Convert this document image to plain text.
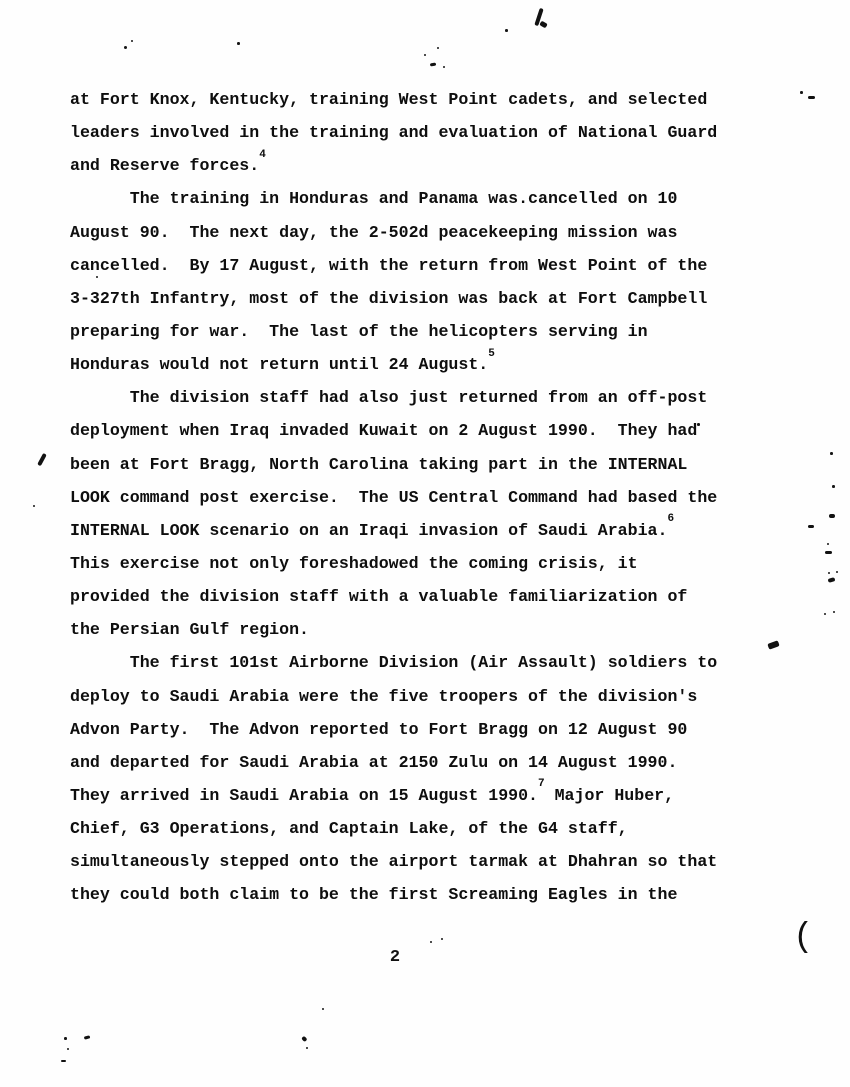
at Fort Knox, Kentucky, training West Point cadets, and selected
leaders involved in the training and evaluation of National Guard
and Reserve forces.$^4$
The training in Honduras and Panama was.cancelled on 10
August 90.  The next day, the 2-502d peacekeeping mission was
cancelled.  By 17 August, with the return from West Point of the
3-327th Infantry, most of the division was back at Fort Campbell
preparing for war.  The last of the helicopters serving in
Honduras would not return until 24 August.$^5$
The division staff had also just returned from an off-post
deployment when Iraq invaded Kuwait on 2 August 1990.  They had
been at Fort Bragg, North Carolina taking part in the INTERNAL
LOOK command post exercise.  The US Central Command had based the
INTERNAL LOOK scenario on an Iraqi invasion of Saudi Arabia.$^6$
This exercise not only foreshadowed the coming crisis, it
provided the division staff with a valuable familiarization of
the Persian Gulf region.
The first 101st Airborne Division (Air Assault) soldiers to
deploy to Saudi Arabia were the five troopers of the division's
Advon Party.  The Advon reported to Fort Bragg on 12 August 90
and departed for Saudi Arabia at 2150 Zulu on 14 August 1990.
They arrived in Saudi Arabia on 15 August 1990.$^7$ Major Huber,
Chief, G3 Operations, and Captain Lake, of the G4 staff,
simultaneously stepped onto the airport tarmak at Dhahran so that
they could both claim to be the first Screaming Eagles in the
2
(
